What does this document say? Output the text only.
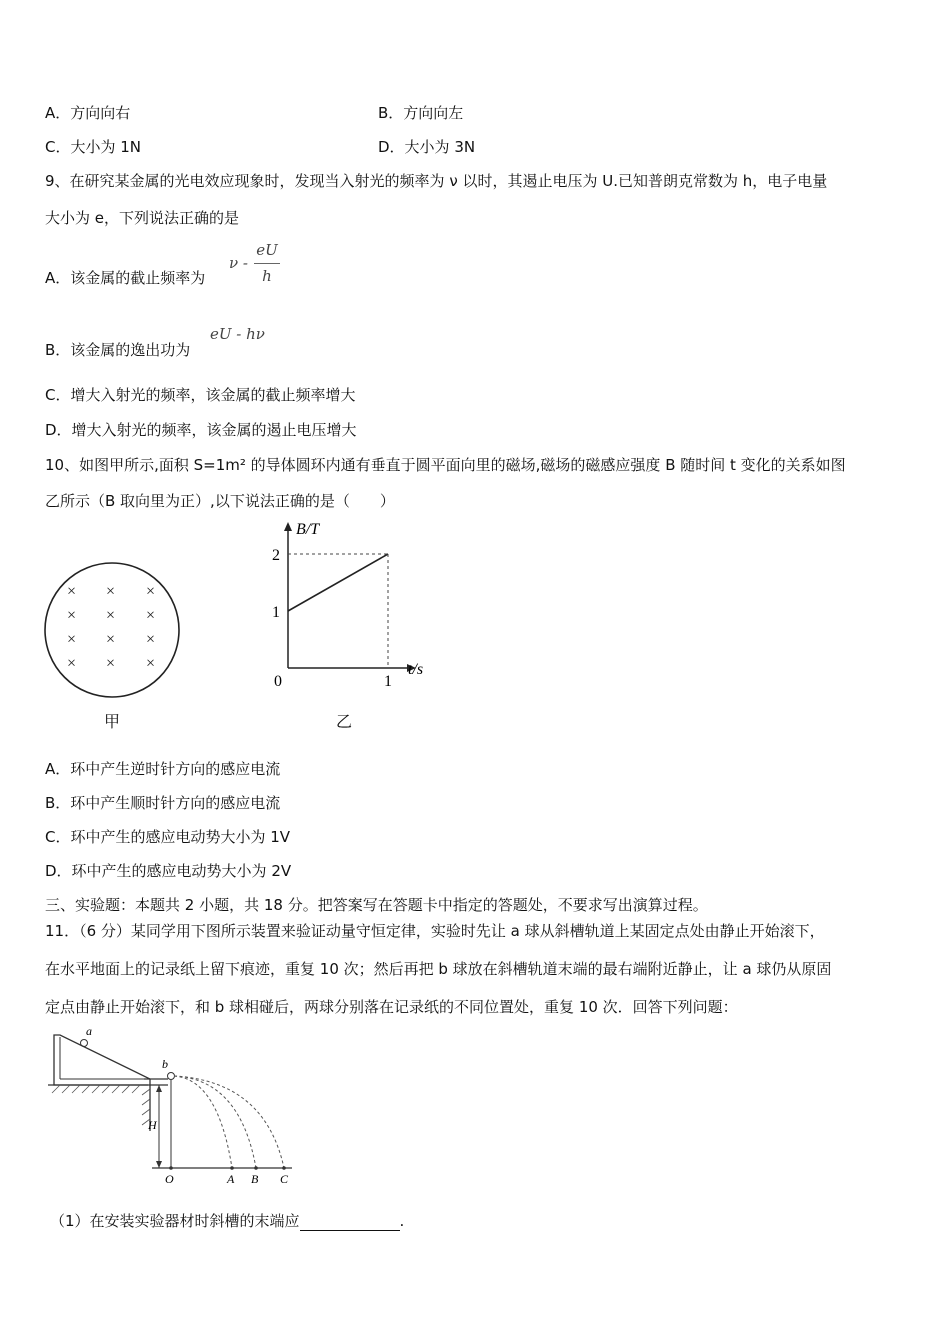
A．方向向右	B．方向向左
C．大小为 1N	D．大小为 3N
9、在研究某金属的光电效应现象时，发现当入射光的频率为 ν 以时，其遏止电压为 U.已知普朗克常数为 h，电子电量
大小为 e，下列说法正确的是
A．该金属的截止频率为
ν -
eU
h
B．该金属的逸出功为
eU - hν
C．增大入射光的频率，该金属的截止频率增大
D．增大入射光的频率，该金属的遏止电压增大
10、如图甲所示,面积 S=1m² 的导体圆环内通有垂直于圆平面向里的磁场,磁场的磁感应强度 B 随时间 t 变化的关系如图
乙所示（B 取向里为正）,以下说法正确的是（　　）
× × ×
× × ×
× × ×
× × ×
甲
B/T
t/s
0
2
1
1
乙
A．环中产生逆时针方向的感应电流
B．环中产生顺时针方向的感应电流
C．环中产生的感应电动势大小为 1V
D．环中产生的感应电动势大小为 2V
三、实验题：本题共 2 小题，共 18 分。把答案写在答题卡中指定的答题处，不要求写出演算过程。
11．（6 分）某同学用下图所示装置来验证动量守恒定律，实验时先让 a 球从斜槽轨道上某固定点处由静止开始滚下，
在水平地面上的记录纸上留下痕迹，重复 10 次；然后再把 b 球放在斜槽轨道末端的最右端附近静止，让 a 球仍从原固
定点由静止开始滚下，和 b 球相碰后，两球分别落在记录纸的不同位置处，重复 10 次．回答下列问题：
a
b
H
O	A B C
（1）在安装实验器材时斜槽的末端应	.
